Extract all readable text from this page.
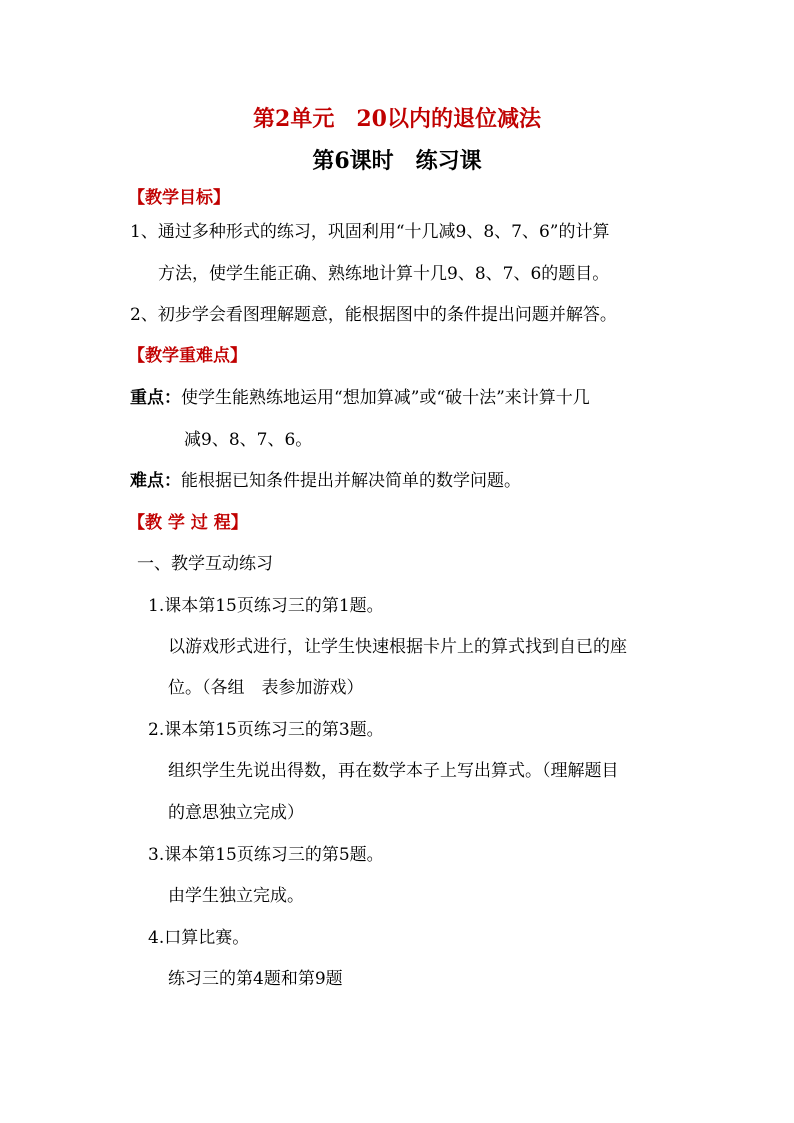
第2单元　20以内的退位减法
第6课时　练习课
【教学目标】
1、通过多种形式的练习，巩固利用“十几减9、8、7、6”的计算
方法，使学生能正确、熟练地计算十几9、8、7、6的题目。
2、初步学会看图理解题意，能根据图中的条件提出问题并解答。
【教学重难点】
重点：使学生能熟练地运用“想加算减”或“破十法”来计算十几
减9、8、7、6。
难点：能根据已知条件提出并解决简单的数学问题。
【教 学 过 程】
一、教学互动练习
1.课本第15页练习三的第1题。
以游戏形式进行，让学生快速根据卡片上的算式找到自已的座
位。（各组　表参加游戏）
2.课本第15页练习三的第3题。
组织学生先说出得数，再在数学本子上写出算式。（理解题目
的意思独立完成）
3.课本第15页练习三的第5题。
由学生独立完成。
4.口算比赛。
练习三的第4题和第9题
